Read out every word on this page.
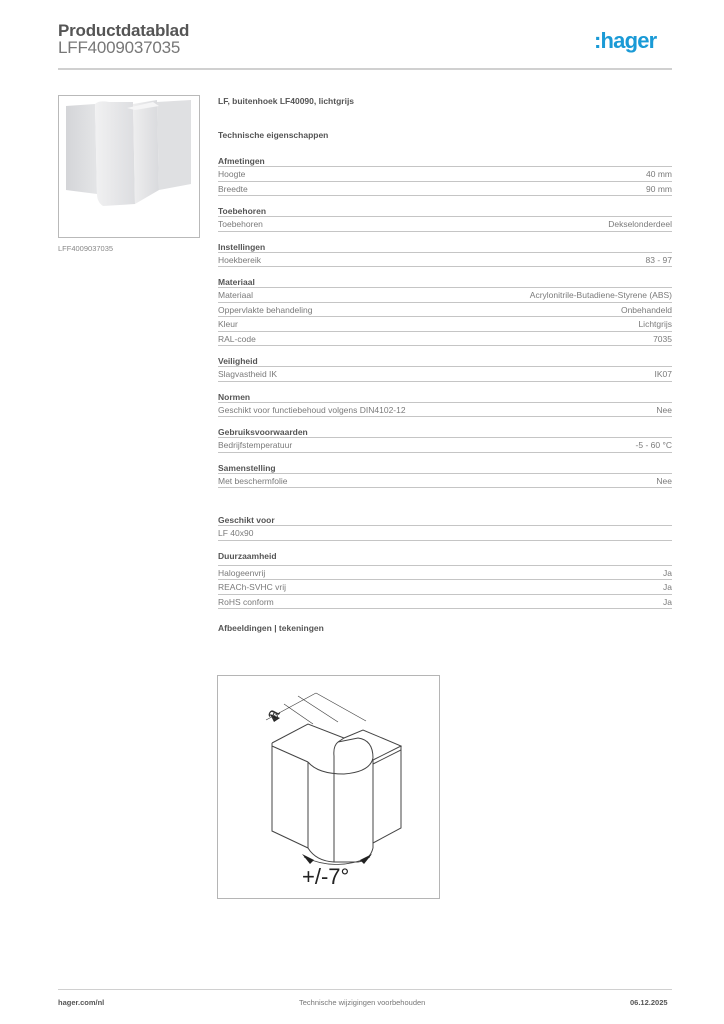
Productdatablad
LFF4009037035	:hager
LFF4009037035
LF, buitenhoek LF40090, lichtgrijs
Technische eigenschappen
Afmetingen
Hoogte	40 mm
Breedte	90 mm
Toebehoren
Toebehoren	Dekselonderdeel
Instellingen
Hoekbereik	83 - 97
Materiaal
Materiaal	Acrylonitrile-Butadiene-Styrene (ABS)
Oppervlakte behandeling	Onbehandeld
Kleur	Lichtgrijs
RAL-code	7035
Veiligheid
Slagvastheid IK	IK07
Normen
Geschikt voor functiebehoud volgens DIN4102-12	Nee
Gebruiksvoorwaarden
Bedrijfstemperatuur	-5 - 60 °C
Samenstelling
Met beschermfolie	Nee
Geschikt voor
LF 40x90
Duurzaamheid
Halogeenvrij	Ja
REACh-SVHC vrij	Ja
RoHS conform	Ja
Afbeeldingen | tekeningen
a
+/-7°
hager.com/nl	Technische wijzigingen voorbehouden	06.12.2025
